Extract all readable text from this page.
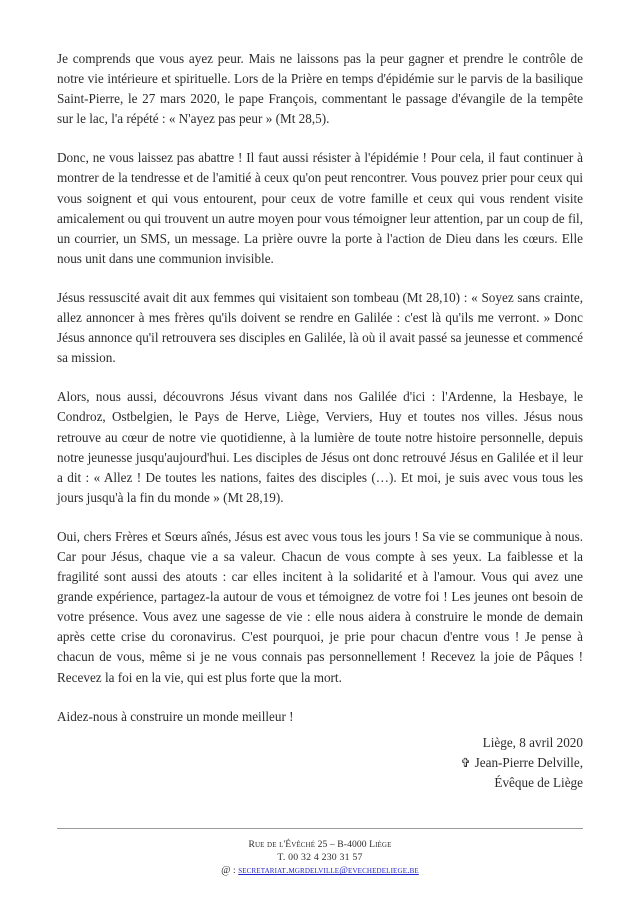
Je comprends que vous ayez peur. Mais ne laissons pas la peur gagner et prendre le contrôle de notre vie intérieure et spirituelle. Lors de la Prière en temps d'épidémie sur le parvis de la basilique Saint-Pierre, le 27 mars 2020, le pape François, commentant le passage d'évangile de la tempête sur le lac, l'a répété : « N'ayez pas peur » (Mt 28,5).

Donc, ne vous laissez pas abattre ! Il faut aussi résister à l'épidémie ! Pour cela, il faut continuer à montrer de la tendresse et de l'amitié à ceux qu'on peut rencontrer. Vous pouvez prier pour ceux qui vous soignent et qui vous entourent, pour ceux de votre famille et ceux qui vous rendent visite amicalement ou qui trouvent un autre moyen pour vous témoigner leur attention, par un coup de fil, un courrier, un SMS, un message. La prière ouvre la porte à l'action de Dieu dans les cœurs. Elle nous unit dans une communion invisible.

Jésus ressuscité avait dit aux femmes qui visitaient son tombeau (Mt 28,10) : « Soyez sans crainte, allez annoncer à mes frères qu'ils doivent se rendre en Galilée : c'est là qu'ils me verront. » Donc Jésus annonce qu'il retrouvera ses disciples en Galilée, là où il avait passé sa jeunesse et commencé sa mission.

Alors, nous aussi, découvrons Jésus vivant dans nos Galilée d'ici : l'Ardenne, la Hesbaye, le Condroz, Ostbelgien, le Pays de Herve, Liège, Verviers, Huy et toutes nos villes. Jésus nous retrouve au cœur de notre vie quotidienne, à la lumière de toute notre histoire personnelle, depuis notre jeunesse jusqu'aujourd'hui. Les disciples de Jésus ont donc retrouvé Jésus en Galilée et il leur a dit : « Allez ! De toutes les nations, faites des disciples (…). Et moi, je suis avec vous tous les jours jusqu'à la fin du monde » (Mt 28,19).

Oui, chers Frères et Sœurs aînés, Jésus est avec vous tous les jours ! Sa vie se communique à nous. Car pour Jésus, chaque vie a sa valeur. Chacun de vous compte à ses yeux. La faiblesse et la fragilité sont aussi des atouts : car elles incitent à la solidarité et à l'amour. Vous qui avez une grande expérience, partagez-la autour de vous et témoignez de votre foi ! Les jeunes ont besoin de votre présence. Vous avez une sagesse de vie : elle nous aidera à construire le monde de demain après cette crise du coronavirus. C'est pourquoi, je prie pour chacun d'entre vous ! Je pense à chacun de vous, même si je ne vous connais pas personnellement ! Recevez la joie de Pâques ! Recevez la foi en la vie, qui est plus forte que la mort.

Aidez-nous à construire un monde meilleur !

Liège, 8 avril 2020
✞ Jean-Pierre Delville,
Évêque de Liège
Rue de l'Évêché 25 – B-4000 Liège
T. 00 32 4 230 31 57
@ : secretariat.mgrdelville@evechedeliege.be
